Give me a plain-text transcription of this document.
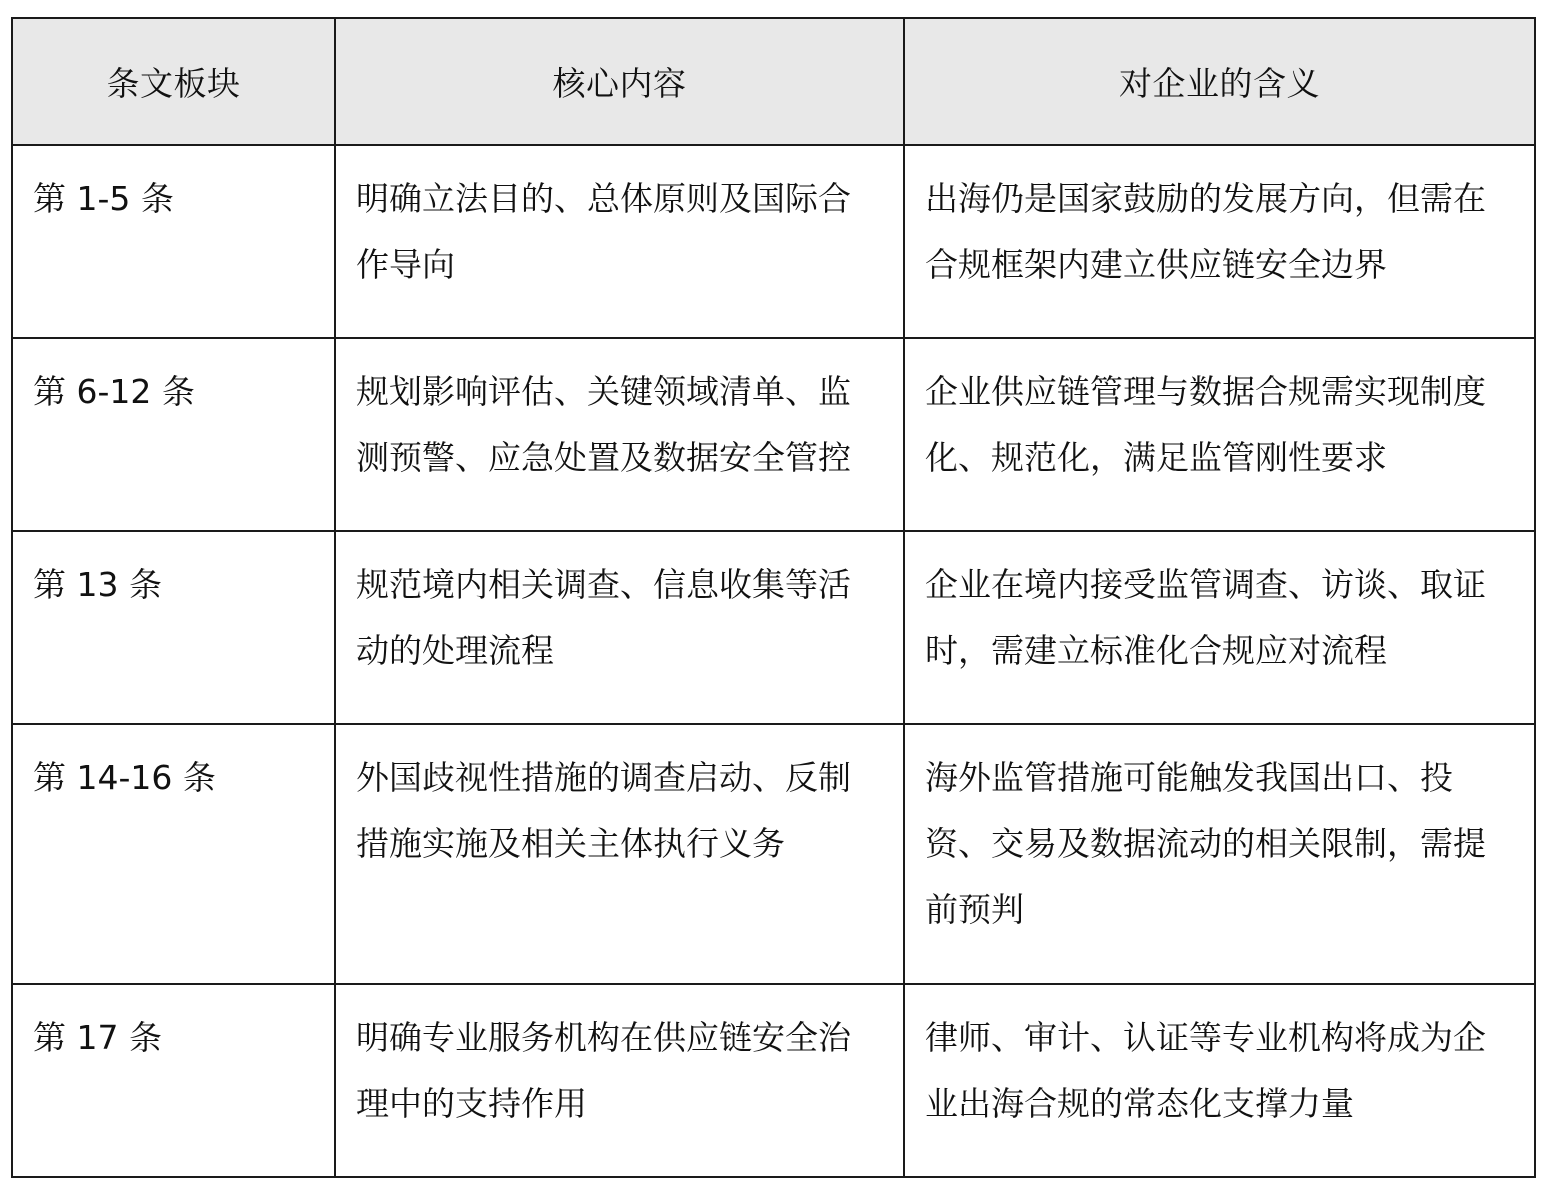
条文板块	核心内容	对企业的含义
第 1-5 条	明确立法目的、总体原则及国际合作导向	出海仍是国家鼓励的发展方向，但需在合规框架内建立供应链安全边界
第 6-12 条	规划影响评估、关键领域清单、监测预警、应急处置及数据安全管控	企业供应链管理与数据合规需实现制度化、规范化，满足监管刚性要求
第 13 条	规范境内相关调查、信息收集等活动的处理流程	企业在境内接受监管调查、访谈、取证时，需建立标准化合规应对流程
第 14-16 条	外国歧视性措施的调查启动、反制措施实施及相关主体执行义务	海外监管措施可能触发我国出口、投资、交易及数据流动的相关限制，需提前预判
第 17 条	明确专业服务机构在供应链安全治理中的支持作用	律师、审计、认证等专业机构将成为企业出海合规的常态化支撑力量
